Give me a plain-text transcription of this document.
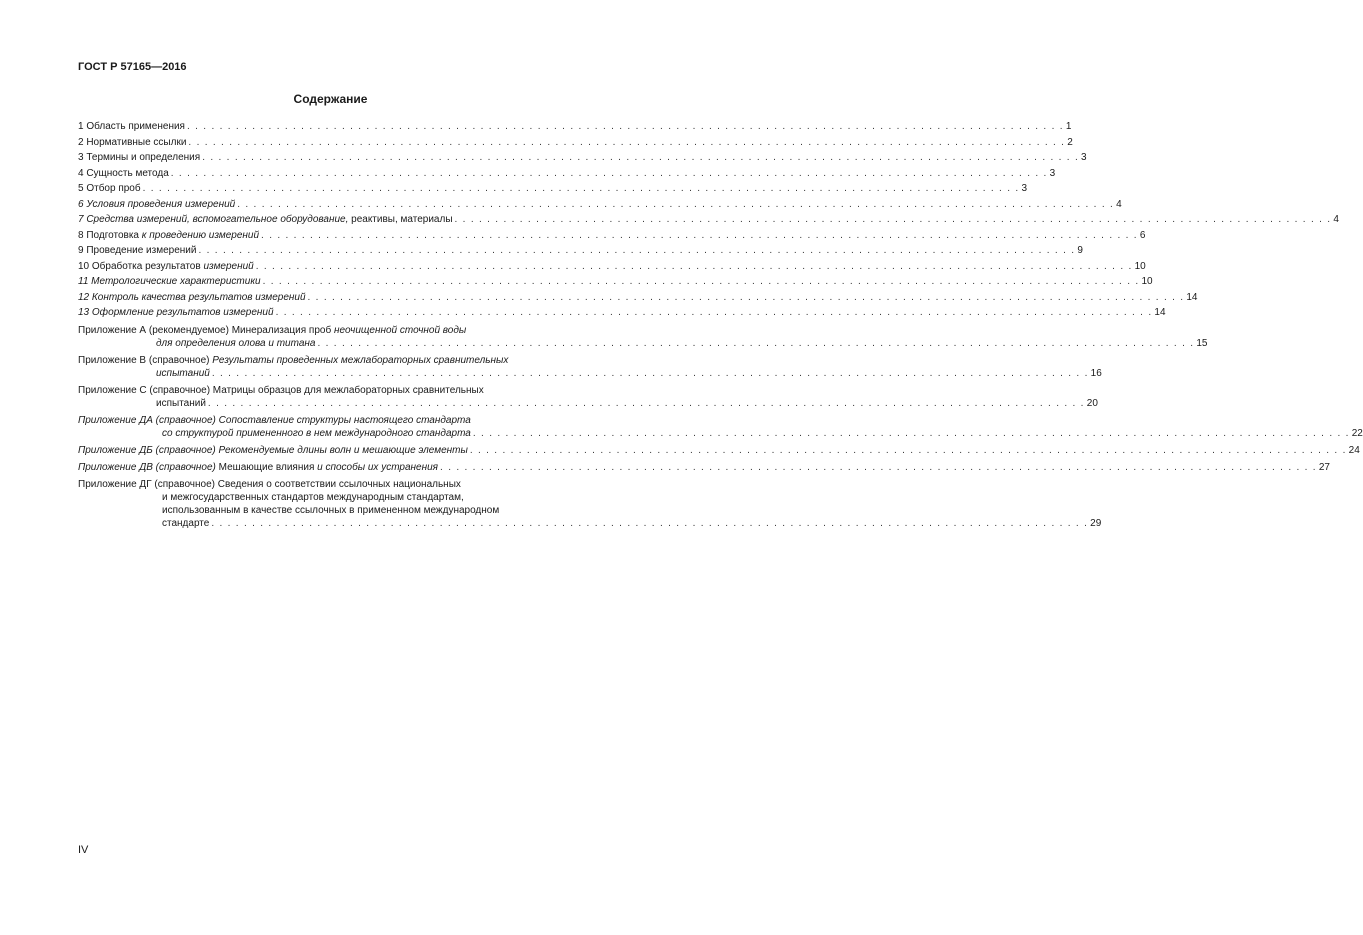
ГОСТ Р 57165—2016
Содержание
1 Область применения . . . . . . . . . . . . . . . . . . . . . . . . . . . . . . . . . . . . . . . . . . . . . . . . . . . . . . . . . . . . . . . . . . . . . . . . . . . . . . . . . . . . . . . . . . . . . . . . . . . . . . . . . . . . 1
2 Нормативные ссылки . . . . . . . . . . . . . . . . . . . . . . . . . . . . . . . . . . . . . . . . . . . . . . . . . . . . . . . . . . . . . . . . . . . . . . . . . . . . . . . . . . . . . . . . . . . . . . . . . . . . . . . . . . . . 2
3 Термины и определения . . . . . . . . . . . . . . . . . . . . . . . . . . . . . . . . . . . . . . . . . . . . . . . . . . . . . . . . . . . . . . . . . . . . . . . . . . . . . . . . . . . . . . . . . . . . . . . . . . . . . . . . . . . . 3
4 Сущность метода . . . . . . . . . . . . . . . . . . . . . . . . . . . . . . . . . . . . . . . . . . . . . . . . . . . . . . . . . . . . . . . . . . . . . . . . . . . . . . . . . . . . . . . . . . . . . . . . . . . . . . . . . . . . 3
5 Отбор проб . . . . . . . . . . . . . . . . . . . . . . . . . . . . . . . . . . . . . . . . . . . . . . . . . . . . . . . . . . . . . . . . . . . . . . . . . . . . . . . . . . . . . . . . . . . . . . . . . . . . . . . . . . . . 3
6 Условия проведения измерений . . . . . . . . . . . . . . . . . . . . . . . . . . . . . . . . . . . . . . . . . . . . . . . . . . . . . . . . . . . . . . . . . . . . . . . . . . . . . . . . . . . . . . . . . . . . . . . . . . . . . . . . . . . . 4
7 Средства измерений, вспомогательное оборудование, реактивы, материалы . . . . . . . . . . . . . . . . . . . . . . . . . . . . . . . . . . . . . . . . . . . . . . . . . . . . . . . . . . . . . . . . . . . . . . . . . . . . . . . . . . . . . . . . . . . . . . . . . . . . . . . . . . . . 4
8 Подготовка к проведению измерений . . . . . . . . . . . . . . . . . . . . . . . . . . . . . . . . . . . . . . . . . . . . . . . . . . . . . . . . . . . . . . . . . . . . . . . . . . . . . . . . . . . . . . . . . . . . . . . . . . . . . . . . . . . . 6
9 Проведение измерений . . . . . . . . . . . . . . . . . . . . . . . . . . . . . . . . . . . . . . . . . . . . . . . . . . . . . . . . . . . . . . . . . . . . . . . . . . . . . . . . . . . . . . . . . . . . . . . . . . . . . . . . . . . . 9
10 Обработка результатов измерений . . . . . . . . . . . . . . . . . . . . . . . . . . . . . . . . . . . . . . . . . . . . . . . . . . . . . . . . . . . . . . . . . . . . . . . . . . . . . . . . . . . . . . . . . . . . . . . . . . . . . . . . . . . . 10
11 Метрологические характеристики . . . . . . . . . . . . . . . . . . . . . . . . . . . . . . . . . . . . . . . . . . . . . . . . . . . . . . . . . . . . . . . . . . . . . . . . . . . . . . . . . . . . . . . . . . . . . . . . . . . . . . . . . . . . 10
12 Контроль качества результатов измерений . . . . . . . . . . . . . . . . . . . . . . . . . . . . . . . . . . . . . . . . . . . . . . . . . . . . . . . . . . . . . . . . . . . . . . . . . . . . . . . . . . . . . . . . . . . . . . . . . . . . . . . . . . . . 14
13 Оформление результатов измерений . . . . . . . . . . . . . . . . . . . . . . . . . . . . . . . . . . . . . . . . . . . . . . . . . . . . . . . . . . . . . . . . . . . . . . . . . . . . . . . . . . . . . . . . . . . . . . . . . . . . . . . . . . . . 14
Приложение А (рекомендуемое) Минерализация проб неочищенной сточной воды
для определения олова и титана . . . . . . . . . . . . . . . . . . . . . . . . . . . . . . . . . . . . . . . . . . . . . . . . . . . . . . . . . . . . . . . . . . . . . . . . . . . . . . . . . . . . . . . . . . . . . . . . . . . . . . . . . . . . 15
Приложение В (справочное) Результаты проведенных межлабораторных сравнительных
испытаний . . . . . . . . . . . . . . . . . . . . . . . . . . . . . . . . . . . . . . . . . . . . . . . . . . . . . . . . . . . . . . . . . . . . . . . . . . . . . . . . . . . . . . . . . . . . . . . . . . . . . . . . . . . . 16
Приложение С (справочное) Матрицы образцов для межлабораторных сравнительных
испытаний . . . . . . . . . . . . . . . . . . . . . . . . . . . . . . . . . . . . . . . . . . . . . . . . . . . . . . . . . . . . . . . . . . . . . . . . . . . . . . . . . . . . . . . . . . . . . . . . . . . . . . . . . . . . 20
Приложение ДА (справочное) Сопоставление структуры настоящего стандарта
со структурой примененного в нем международного стандарта . . . . . . . . . . . . . . . . . . . . . . . . . . . . . . . . . . . . . . . . . . . . . . . . . . . . . . . . . . . . . . . . . . . . . . . . . . . . . . . . . . . . . . . . . . . . . . . . . . . . . . . . . . . . 22
Приложение ДБ (справочное) Рекомендуемые длины волн и мешающие элементы . . . . . . . . . . . . . . . . . . . . . . . . . . . . . . . . . . . . . . . . . . . . . . . . . . . . . . . . . . . . . . . . . . . . . . . . . . . . . . . . . . . . . . . . . . . . . . . . . . . . . . . . . . . . 24
Приложение ДВ (справочное) Мешающие влияния и способы их устранения . . . . . . . . . . . . . . . . . . . . . . . . . . . . . . . . . . . . . . . . . . . . . . . . . . . . . . . . . . . . . . . . . . . . . . . . . . . . . . . . . . . . . . . . . . . . . . . . . . . . . . . . . . . . 27
Приложение ДГ (справочное) Сведения о соответствии ссылочных национальных
и межгосударственных стандартов международным стандартам,
использованным в качестве ссылочных в примененном международном
стандарте . . . . . . . . . . . . . . . . . . . . . . . . . . . . . . . . . . . . . . . . . . . . . . . . . . . . . . . . . . . . . . . . . . . . . . . . . . . . . . . . . . . . . . . . . . . . . . . . . . . . . . . . . . . . 29
IV
